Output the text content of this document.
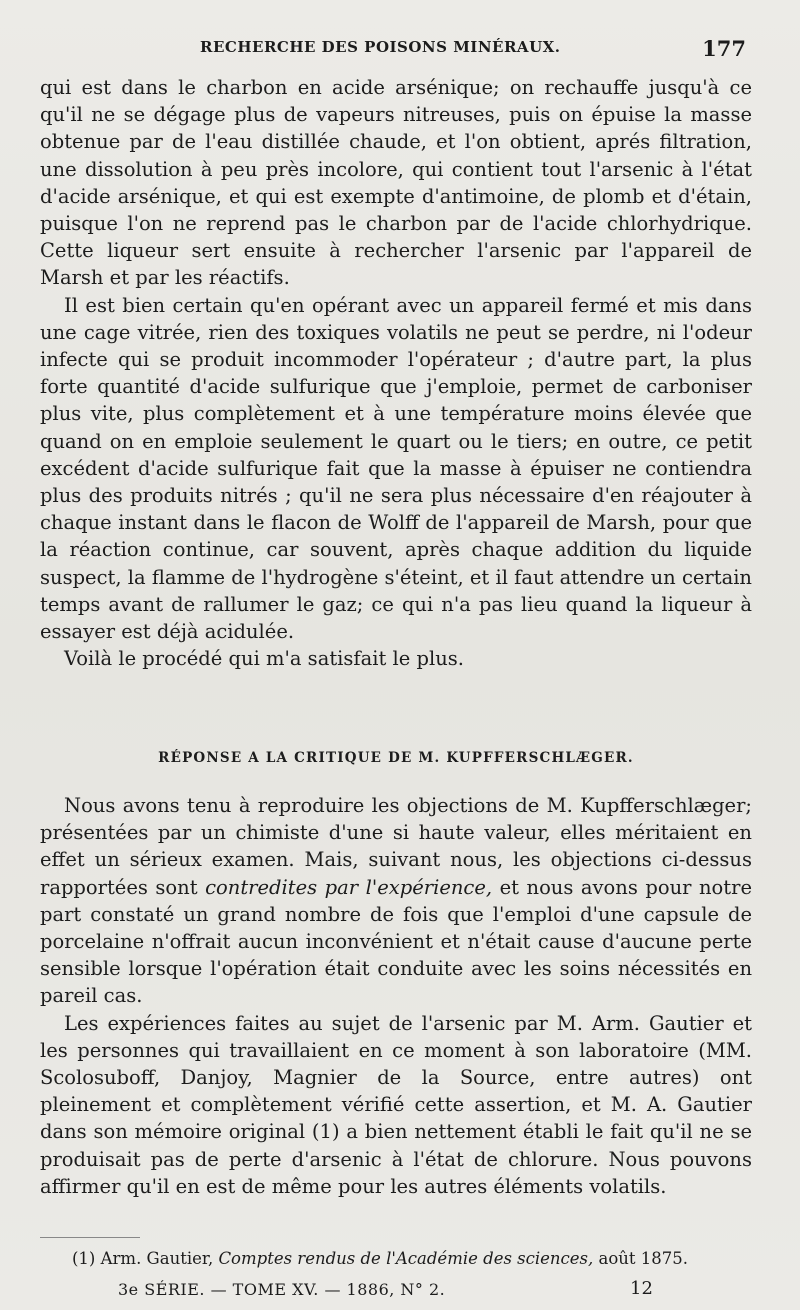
RECHERCHE DES POISONS MINÉRAUX.	177

qui est dans le charbon en acide arsénique; on rechauffe jusqu'à ce qu'il ne se dégage plus de vapeurs nitreuses, puis on épuise la masse obtenue par de l'eau distillée chaude, et l'on obtient, aprés filtration, une dissolution à peu près incolore, qui contient tout l'arsenic à l'état d'acide arsénique, et qui est exempte d'antimoine, de plomb et d'étain, puisque l'on ne reprend pas le charbon par de l'acide chlorhydrique. Cette liqueur sert ensuite à rechercher l'arsenic par l'appareil de Marsh et par les réactifs.

Il est bien certain qu'en opérant avec un appareil fermé et mis dans une cage vitrée, rien des toxiques volatils ne peut se perdre, ni l'odeur infecte qui se produit incommoder l'opérateur ; d'autre part, la plus forte quantité d'acide sulfurique que j'emploie, permet de carboniser plus vite, plus complètement et à une température moins élevée que quand on en emploie seulement le quart ou le tiers; en outre, ce petit excédent d'acide sulfurique fait que la masse à épuiser ne contiendra plus des produits nitrés ; qu'il ne sera plus nécessaire d'en réajouter à chaque instant dans le flacon de Wolff de l'appareil de Marsh, pour que la réaction continue, car souvent, après chaque addition du liquide suspect, la flamme de l'hydrogène s'éteint, et il faut attendre un certain temps avant de rallumer le gaz; ce qui n'a pas lieu quand la liqueur à essayer est déjà acidulée.

Voilà le procédé qui m'a satisfait le plus.

RÉPONSE A LA CRITIQUE DE M. KUPFFERSCHLÆGER.

Nous avons tenu à reproduire les objections de M. Kupfferschlæger; présentées par un chimiste d'une si haute valeur, elles méritaient en effet un sérieux examen. Mais, suivant nous, les objections ci-dessus rapportées sont contredites par l'expérience, et nous avons pour notre part constaté un grand nombre de fois que l'emploi d'une capsule de porcelaine n'offrait aucun inconvénient et n'était cause d'aucune perte sensible lorsque l'opération était conduite avec les soins nécessités en pareil cas.

Les expériences faites au sujet de l'arsenic par M. Arm. Gautier et les personnes qui travaillaient en ce moment à son laboratoire (MM. Scolosuboff, Danjoy, Magnier de la Source, entre autres) ont pleinement et complètement vérifié cette assertion, et M. A. Gautier dans son mémoire original (1) a bien nettement établi le fait qu'il ne se produisait pas de perte d'arsenic à l'état de chlorure. Nous pouvons affirmer qu'il en est de même pour les autres éléments volatils.

(1) Arm. Gautier, Comptes rendus de l'Académie des sciences, août 1875.
3e SÉRIE. — TOME XV. — 1886, N° 2.	12
